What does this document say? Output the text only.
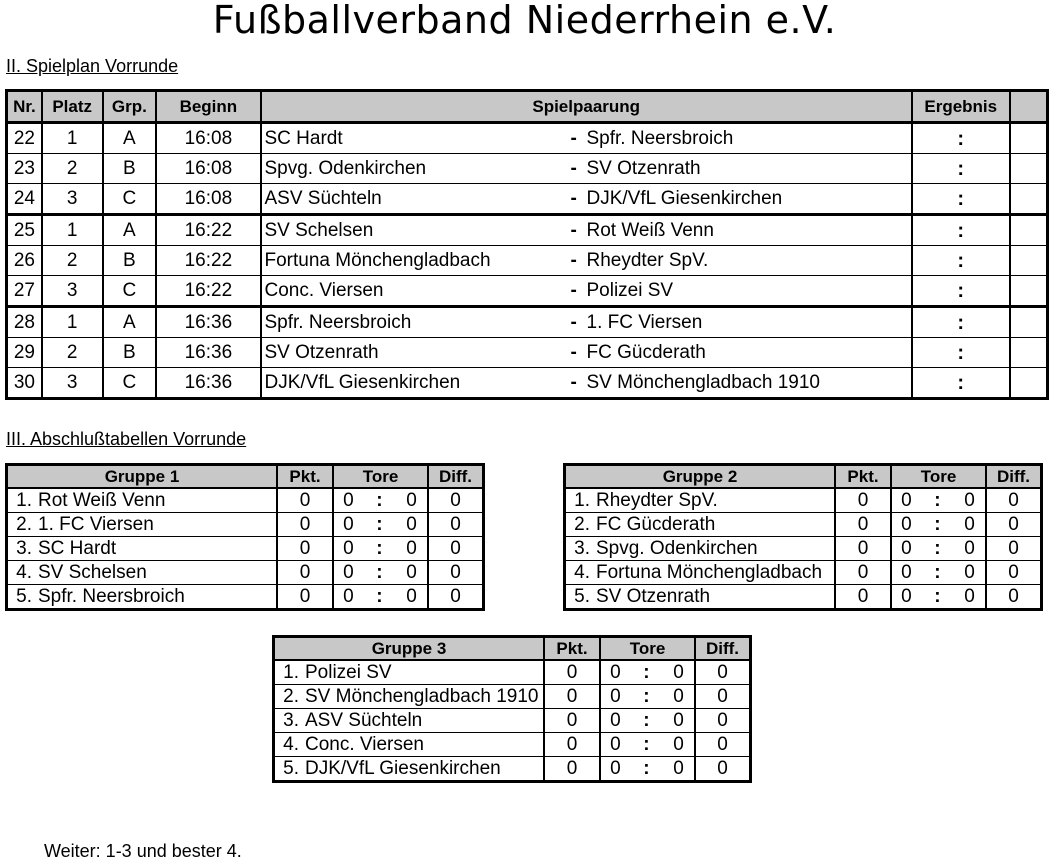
Fußballverband Niederrhein e.V.
II. Spielplan Vorrunde
Nr.	Platz	Grp.	Beginn	Spielpaarung	Ergebnis	
22	1	A	16:08	SC Hardt - Spfr. Neersbroich	:	
23	2	B	16:08	Spvg. Odenkirchen - SV Otzenrath	:	
24	3	C	16:08	ASV Süchteln - DJK/VfL Giesenkirchen	:	
25	1	A	16:22	SV Schelsen - Rot Weiß Venn	:	
26	2	B	16:22	Fortuna Mönchengladbach - Rheydter SpV.	:	
27	3	C	16:22	Conc. Viersen - Polizei SV	:	
28	1	A	16:36	Spfr. Neersbroich - 1. FC Viersen	:	
29	2	B	16:36	SV Otzenrath - FC Gücderath	:	
30	3	C	16:36	DJK/VfL Giesenkirchen - SV Mönchengladbach 1910	:	
III. Abschlußtabellen Vorrunde
Gruppe 1		Pkt.	Tore			Diff.
1.	Rot Weiß Venn	0	0	:	0	0
2.	1. FC Viersen	0	0	:	0	0
3.	SC Hardt	0	0	:	0	0
4.	SV Schelsen	0	0	:	0	0
5.	Spfr. Neersbroich	0	0	:	0	0
Gruppe 2		Pkt.	Tore			Diff.
1.	Rheydter SpV.	0	0	:	0	0
2.	FC Gücderath	0	0	:	0	0
3.	Spvg. Odenkirchen	0	0	:	0	0
4.	Fortuna Mönchengladbach	0	0	:	0	0
5.	SV Otzenrath	0	0	:	0	0
Gruppe 3		Pkt.	Tore			Diff.
1.	Polizei SV	0	0	:	0	0
2.	SV Mönchengladbach 1910	0	0	:	0	0
3.	ASV Süchteln	0	0	:	0	0
4.	Conc. Viersen	0	0	:	0	0
5.	DJK/VfL Giesenkirchen	0	0	:	0	0
Weiter: 1-3 und bester 4.
